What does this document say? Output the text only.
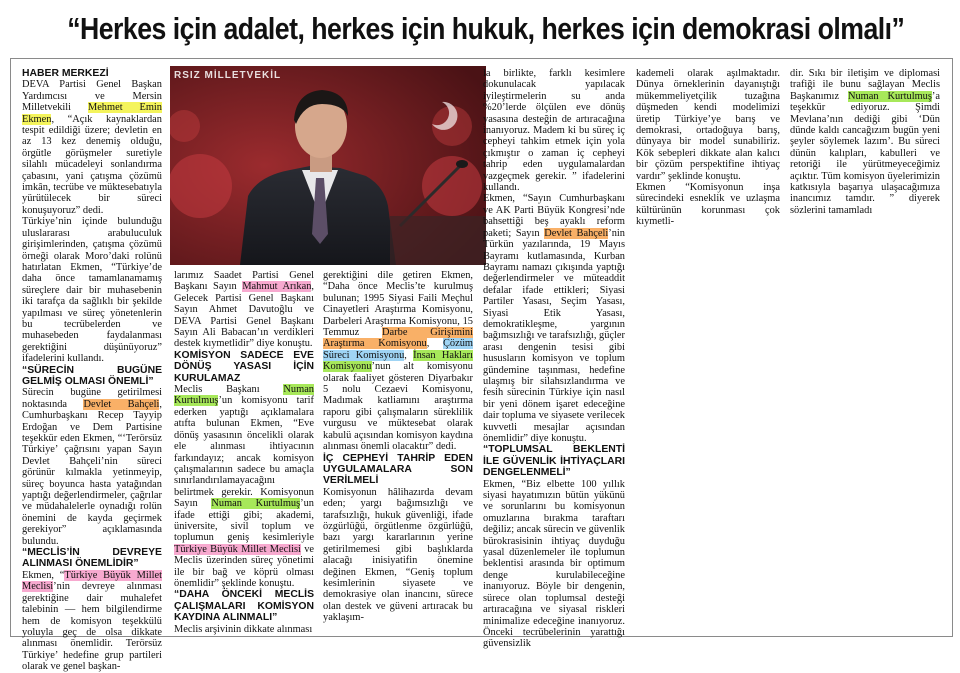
“Herkes için adalet, herkes için hukuk, herkes için demokrasi olmalı”
RSIZ MİLLETVEKİL

HABER MERKEZİ

DEVA Partisi Genel Başkan Yardımcısı ve Mersin Milletvekili Mehmet Emin Ekmen, “Açık kaynaklardan tespit edildiği üzere; devletin en az 13 kez denemiş olduğu, örgütle görüşmeler suretiyle silahlı mücadeleyi sonlandırma çabasını, yani çatışma çözümü imkân, tecrübe ve müktesebatıyla yürütülecek bir süreci konuşuyoruz” dedi.

Türkiye’nin içinde bulunduğu uluslararası arabuluculuk girişimlerinden, çatışma çözümü örneği olarak Moro’daki rolünü hatırlatan Ekmen, “Türkiye’de daha önce tamamlanamamış süreçlere dair bir muhasebenin iki tarafça da sağlıklı bir şekilde yapılması ve süreç yönetenlerin bu tecrübelerden ve muhasebeden faydalanması gerektiğini düşünüyoruz” ifadelerini kullandı.

“SÜRECİN BUGÜNE GELMİŞ OLMASI ÖNEMLİ”

Sürecin bugüne getirilmesi noktasında Devlet Bahçeli, Cumhurbaşkanı Recep Tayyip Erdoğan ve Dem Partisine teşekkür eden Ekmen, “‘Terörsüz Türkiye’ çağrısını yapan Sayın Devlet Bahçeli’nin süreci görünür kılmakla yetinmeyip, süreç boyunca hasta yatağından yaptığı değerlendirmeler, çağrılar ve müdahalelerle oynadığı rolün önemini de kayda geçirmek gerekiyor” açıklamasında bulundu.

“MECLİS’İN DEVREYE ALINMASI ÖNEMLİDİR”

Ekmen, “Türkiye Büyük Millet Meclisi’nin devreye alınması gerektiğine dair muhalefet talebinin — hem bilgilendirme hem de komisyon teşekkülü yoluyla geç de olsa dikkate alınması önemlidir. Terörsüz Türkiye’ hedefine grup partileri olarak ve genel başkan-

larımız Saadet Partisi Genel Başkanı Sayın Mahmut Arıkan, Gelecek Partisi Genel Başkanı Sayın Ahmet Davutoğlu ve DEVA Partisi Genel Başkanı Sayın Ali Babacan’ın verdikleri destek kıymetlidir” diye konuştu.

KOMİSYON SADECE EVE DÖNÜŞ YASASI İÇİN KURULAMAZ

Meclis Başkanı Numan Kurtulmuş’un komisyonu tarif ederken yaptığı açıklamalara atıfta bulunan Ekmen, “Eve dönüş yasasının öncelikli olarak ele alınması ihtiyacının farkındayız; ancak komisyon çalışmalarının sadece bu amaçla sınırlandırılamayacağını belirtmek gerekir. Komisyonun Sayın Numan Kurtulmuş’un ifade ettiği gibi; akademi, üniversite, sivil toplum ve toplumun geniş kesimleriyle Türkiye Büyük Millet Meclisi ve Meclis üzerinden süreç yönetimi ile bir bağ ve köprü olması önemlidir” şeklinde konuştu.

“DAHA ÖNCEKİ MECLİS ÇALIŞMALARI KOMİSYON KAYDINA ALINMALI”

Meclis arşivinin dikkate alınması

gerektiğini dile getiren Ekmen, “Daha önce Meclis’te kurulmuş bulunan; 1995 Siyasi Faili Meçhul Cinayetleri Araştırma Komisyonu, Darbeleri Araştırma Komisyonu, 15 Temmuz Darbe Girişimini Araştırma Komisyonu, Çözüm Süreci Komisyonu, İnsan Hakları Komisyonu’nun alt komisyonu olarak faaliyet gösteren Diyarbakır 5 nolu Cezaevi Komisyonu, Madımak katliamını araştırma raporu gibi çalışmaların süreklilik vurgusu ve müktesebat olarak kabulü açısından komisyon kaydına alınması önemli olacaktır” dedi.

İÇ CEPHEYİ TAHRİP EDEN UYGULAMALARA SON VERİLMELİ

Komisyonun hâlihazırda devam eden; yargı bağımsızlığı ve tarafsızlığı, hukuk güvenliği, ifade özgürlüğü, örgütlenme özgürlüğü, bazı yargı kararlarının yerine getirilmemesi gibi başlıklarda alacağı inisiyatifin önemine değinen Ekmen, “Geniş toplum kesimlerinin siyasete ve demokrasiye olan inancını, sürece olan destek ve güveni artıracak bu yaklaşım-

la birlikte, farklı kesimlere dokunulacak yapılacak iyileştirmelerin su anda %20’lerde ölçülen eve dönüş yasasına desteğin de artıracağına inanıyoruz. Madem ki bu süreç iç cepheyi tahkim etmek için yola çıkmıştır o zaman iç cepheyi tahrip eden uygulamalardan vazgeçmek gerekir. ” ifadelerini kullandı.

Ekmen, “Sayın Cumhurbaşkanı ve AK Parti Büyük Kongresi’nde bahsettiği beş ayaklı reform paketi; Sayın Devlet Bahçeli’nin Türkün yazılarında, 19 Mayıs Bayramı kutlamasında, Kurban Bayramı namazı çıkışında yaptığı değerlendirmeler ve müteaddit defalar ifade ettikleri; Siyasi Partiler Yasası, Seçim Yasası, Siyasi Etik Yasası, demokratikleşme, yargının bağımsızlığı ve tarafsızlığı, güçler arası dengenin tesisi gibi hususların komisyon ve toplum gündemine taşınması, hedefine ulaşmış bir silahsızlandırma ve fesih sürecinin Türkiye için nasıl bir yeni dönem işaret edeceğine dair topluma ve siyasete verilecek kuvvetli mesajlar açısından önemlidir” diye konuştu.

“TOPLUMSAL BEKLENTİ İLE GÜVENLİK İHTİYAÇLARI DENGELENMELİ”

Ekmen, “Biz elbette 100 yıllık siyasi hayatımızın bütün yükünü ve sorunlarını bu komisyonun omuzlarına bırakma taraftarı değiliz; ancak sürecin ve güvenlik bürokrasisinin ihtiyaç duyduğu yasal düzenlemeler ile toplumun beklentisi arasında bir optimum denge kurulabileceğine inanıyoruz. Böyle bir dengenin, sürece olan toplumsal desteği artıracağına ve siyasal riskleri minimalize edeceğine inanıyoruz. Önceki tecrübelerinin yarattığı güvensizlik

kademeli olarak aşılmaktadır. Dünya örneklerinin dayanıştığı mükemmeliyetçilik tuzağına düşmeden kendi modelimizi üretip Türkiye’ye barış ve demokrasi, ortadoğuya barış, dünyaya bir model sunabiliriz. Kök sebepleri dikkate alan kalıcı bir çözüm perspektifine ihtiyaç vardır” şeklinde konuştu.

Ekmen “Komisyonun inşa sürecindeki esneklik ve uzlaşma kültürünün korunması çok kıymetli-

dir. Sıkı bir iletişim ve diplomasi trafiği ile bunu sağlayan Meclis Başkanımız Numan Kurtulmuş’a teşekkür ediyoruz. Şimdi Mevlana’nın dediği gibi ‘Dün dünde kaldı cancağızım bugün yeni şeyler söylemek lazım’. Bu süreci dünün kalıpları, kabulleri ve retoriği ile yürütmeyeceğimiz açıktır. Tüm komisyon üyelerimizin katkısıyla başarıya ulaşacağımıza inancımız tamdır. ” diyerek sözlerini tamamladı
